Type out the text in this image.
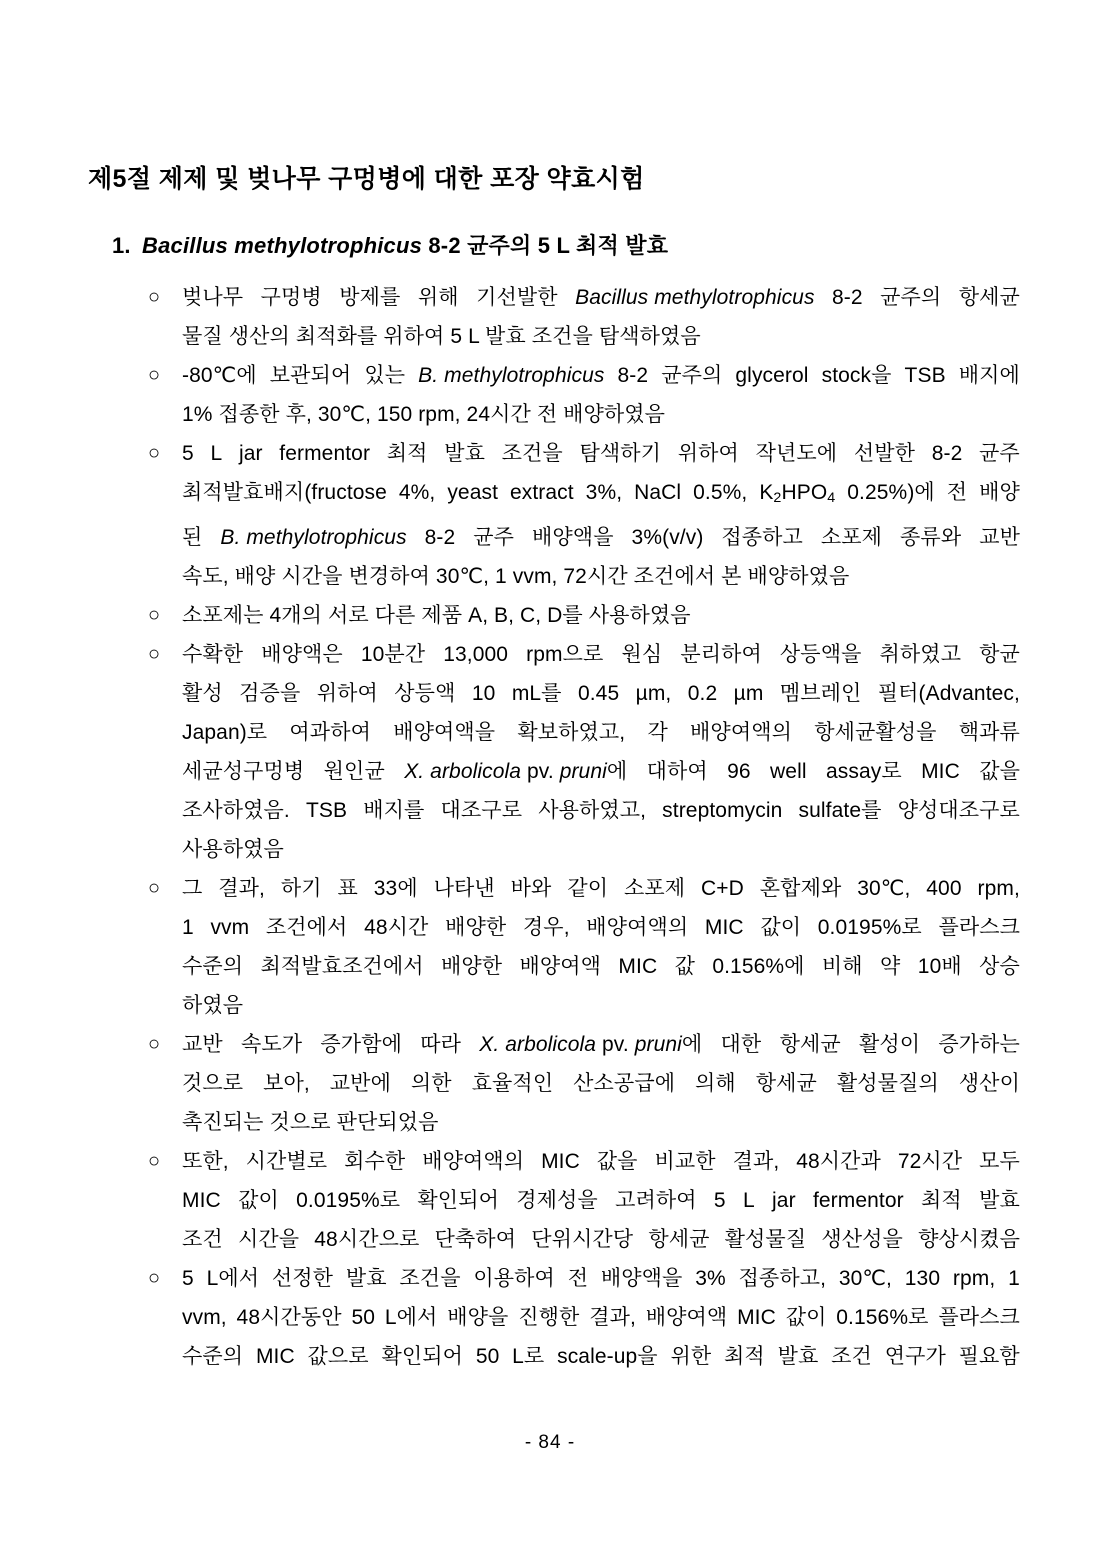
제5절 제제 및 벚나무 구멍병에 대한 포장 약효시험
1. Bacillus methylotrophicus 8-2 균주의 5 L 최적 발효
○	벚나무 구멍병 방제를 위해 기선발한 Bacillus methylotrophicus 8-2 균주의 항세균
물질 생산의 최적화를 위하여 5 L 발효 조건을 탐색하였음
○	-80℃에 보관되어 있는 B. methylotrophicus 8-2 균주의 glycerol stock을 TSB 배지에
1% 접종한 후, 30℃, 150 rpm, 24시간 전 배양하였음
○	5 L jar fermentor 최적 발효 조건을 탐색하기 위하여 작년도에 선발한 8-2 균주
최적발효배지(fructose 4%, yeast extract 3%, NaCl 0.5%, $K_2HPO_4$ 0.25%)에 전 배양
된 B. methylotrophicus 8-2 균주 배양액을 3%(v/v) 접종하고 소포제 종류와 교반
속도, 배양 시간을 변경하여 30℃, 1 vvm, 72시간 조건에서 본 배양하였음
○	소포제는 4개의 서로 다른 제품 A, B, C, D를 사용하였음
○	수확한 배양액은 10분간 13,000 rpm으로 원심 분리하여 상등액을 취하였고 항균
활성 검증을 위하여 상등액 10 mL를 0.45 µm, 0.2 µm 멤브레인 필터(Advantec,
Japan)로 여과하여 배양여액을 확보하였고, 각 배양여액의 항세균활성을 핵과류
세균성구멍병 원인균 X. arbolicola pv. pruni에 대하여 96 well assay로 MIC 값을
조사하였음. TSB 배지를 대조구로 사용하였고, streptomycin sulfate를 양성대조구로
사용하였음
○	그 결과, 하기 표 33에 나타낸 바와 같이 소포제 C+D 혼합제와 30℃, 400 rpm,
1 vvm 조건에서 48시간 배양한 경우, 배양여액의 MIC 값이 0.0195%로 플라스크
수준의 최적발효조건에서 배양한 배양여액 MIC 값 0.156%에 비해 약 10배 상승
하였음
○	교반 속도가 증가함에 따라 X. arbolicola pv. pruni에 대한 항세균 활성이 증가하는
것으로 보아, 교반에 의한 효율적인 산소공급에 의해 항세균 활성물질의 생산이
촉진되는 것으로 판단되었음
○	또한, 시간별로 회수한 배양여액의 MIC 값을 비교한 결과, 48시간과 72시간 모두
MIC 값이 0.0195%로 확인되어 경제성을 고려하여 5 L jar fermentor 최적 발효
조건 시간을 48시간으로 단축하여 단위시간당 항세균 활성물질 생산성을 향상시켰음
○	5 L에서 선정한 발효 조건을 이용하여 전 배양액을 3% 접종하고, 30℃, 130 rpm, 1
vvm, 48시간동안 50 L에서 배양을 진행한 결과, 배양여액 MIC 값이 0.156%로 플라스크
수준의 MIC 값으로 확인되어 50 L로 scale-up을 위한 최적 발효 조건 연구가 필요함
- 84 -
